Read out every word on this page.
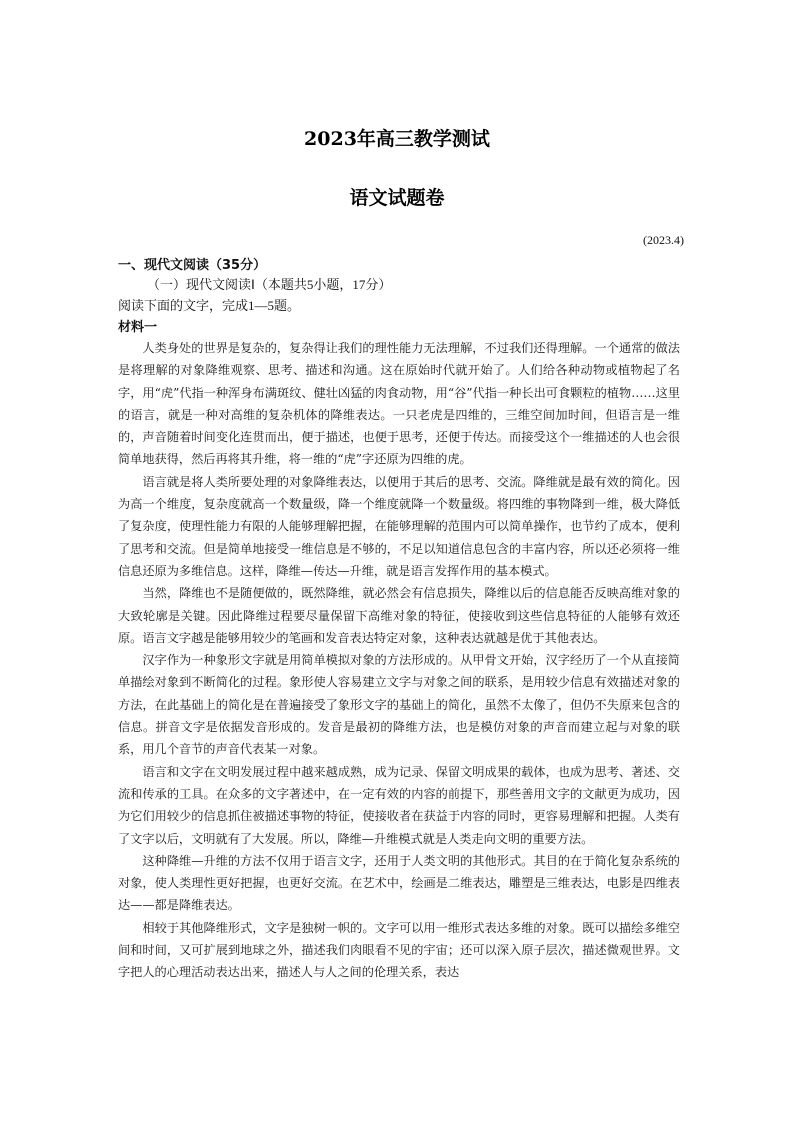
2023年高三教学测试
语文试题卷
(2023.4)
一、现代文阅读（35分）
（一）现代文阅读Ⅰ（本题共5小题，17分）
阅读下面的文字，完成1—5题。
材料一

人类身处的世界是复杂的，复杂得让我们的理性能力无法理解，不过我们还得理解。一个通常的做法是将理解的对象降维观察、思考、描述和沟通。这在原始时代就开始了。人们给各种动物或植物起了名字，用“虎”代指一种浑身布满斑纹、健壮凶猛的肉食动物，用“谷”代指一种长出可食颗粒的植物……这里的语言，就是一种对高维的复杂机体的降维表达。一只老虎是四维的，三维空间加时间，但语言是一维的，声音随着时间变化连贯而出，便于描述，也便于思考，还便于传达。而接受这个一维描述的人也会很简单地获得，然后再将其升维，将一维的“虎”字还原为四维的虎。

语言就是将人类所要处理的对象降维表达，以便用于其后的思考、交流。降维就是最有效的简化。因为高一个维度，复杂度就高一个数量级，降一个维度就降一个数量级。将四维的事物降到一维，极大降低了复杂度，使理性能力有限的人能够理解把握，在能够理解的范围内可以简单操作，也节约了成本，便利了思考和交流。但是简单地接受一维信息是不够的，不足以知道信息包含的丰富内容，所以还必须将一维信息还原为多维信息。这样，降维—传达—升维，就是语言发挥作用的基本模式。

当然，降维也不是随便做的，既然降维，就必然会有信息损失，降维以后的信息能否反映高维对象的大致轮廓是关键。因此降维过程要尽量保留下高维对象的特征，使接收到这些信息特征的人能够有效还原。语言文字越是能够用较少的笔画和发音表达特定对象，这种表达就越是优于其他表达。

汉字作为一种象形文字就是用简单模拟对象的方法形成的。从甲骨文开始，汉字经历了一个从直接简单描绘对象到不断简化的过程。象形使人容易建立文字与对象之间的联系，是用较少信息有效描述对象的方法，在此基础上的简化是在普遍接受了象形文字的基础上的简化，虽然不太像了，但仍不失原来包含的信息。拼音文字是依据发音形成的。发音是最初的降维方法，也是模仿对象的声音而建立起与对象的联系，用几个音节的声音代表某一对象。

语言和文字在文明发展过程中越来越成熟，成为记录、保留文明成果的载体，也成为思考、著述、交流和传承的工具。在众多的文字著述中，在一定有效的内容的前提下，那些善用文字的文献更为成功，因为它们用较少的信息抓住被描述事物的特征，使接收者在获益于内容的同时，更容易理解和把握。人类有了文字以后，文明就有了大发展。所以，降维—升维模式就是人类走向文明的重要方法。

这种降维—升维的方法不仅用于语言文字，还用于人类文明的其他形式。其目的在于简化复杂系统的对象，使人类理性更好把握，也更好交流。在艺术中，绘画是二维表达，雕塑是三维表达，电影是四维表达——都是降维表达。

相较于其他降维形式，文字是独树一帜的。文字可以用一维形式表达多维的对象。既可以描绘多维空间和时间，又可扩展到地球之外，描述我们肉眼看不见的宇宙；还可以深入原子层次，描述微观世界。文字把人的心理活动表达出来，描述人与人之间的伦理关系，表达
